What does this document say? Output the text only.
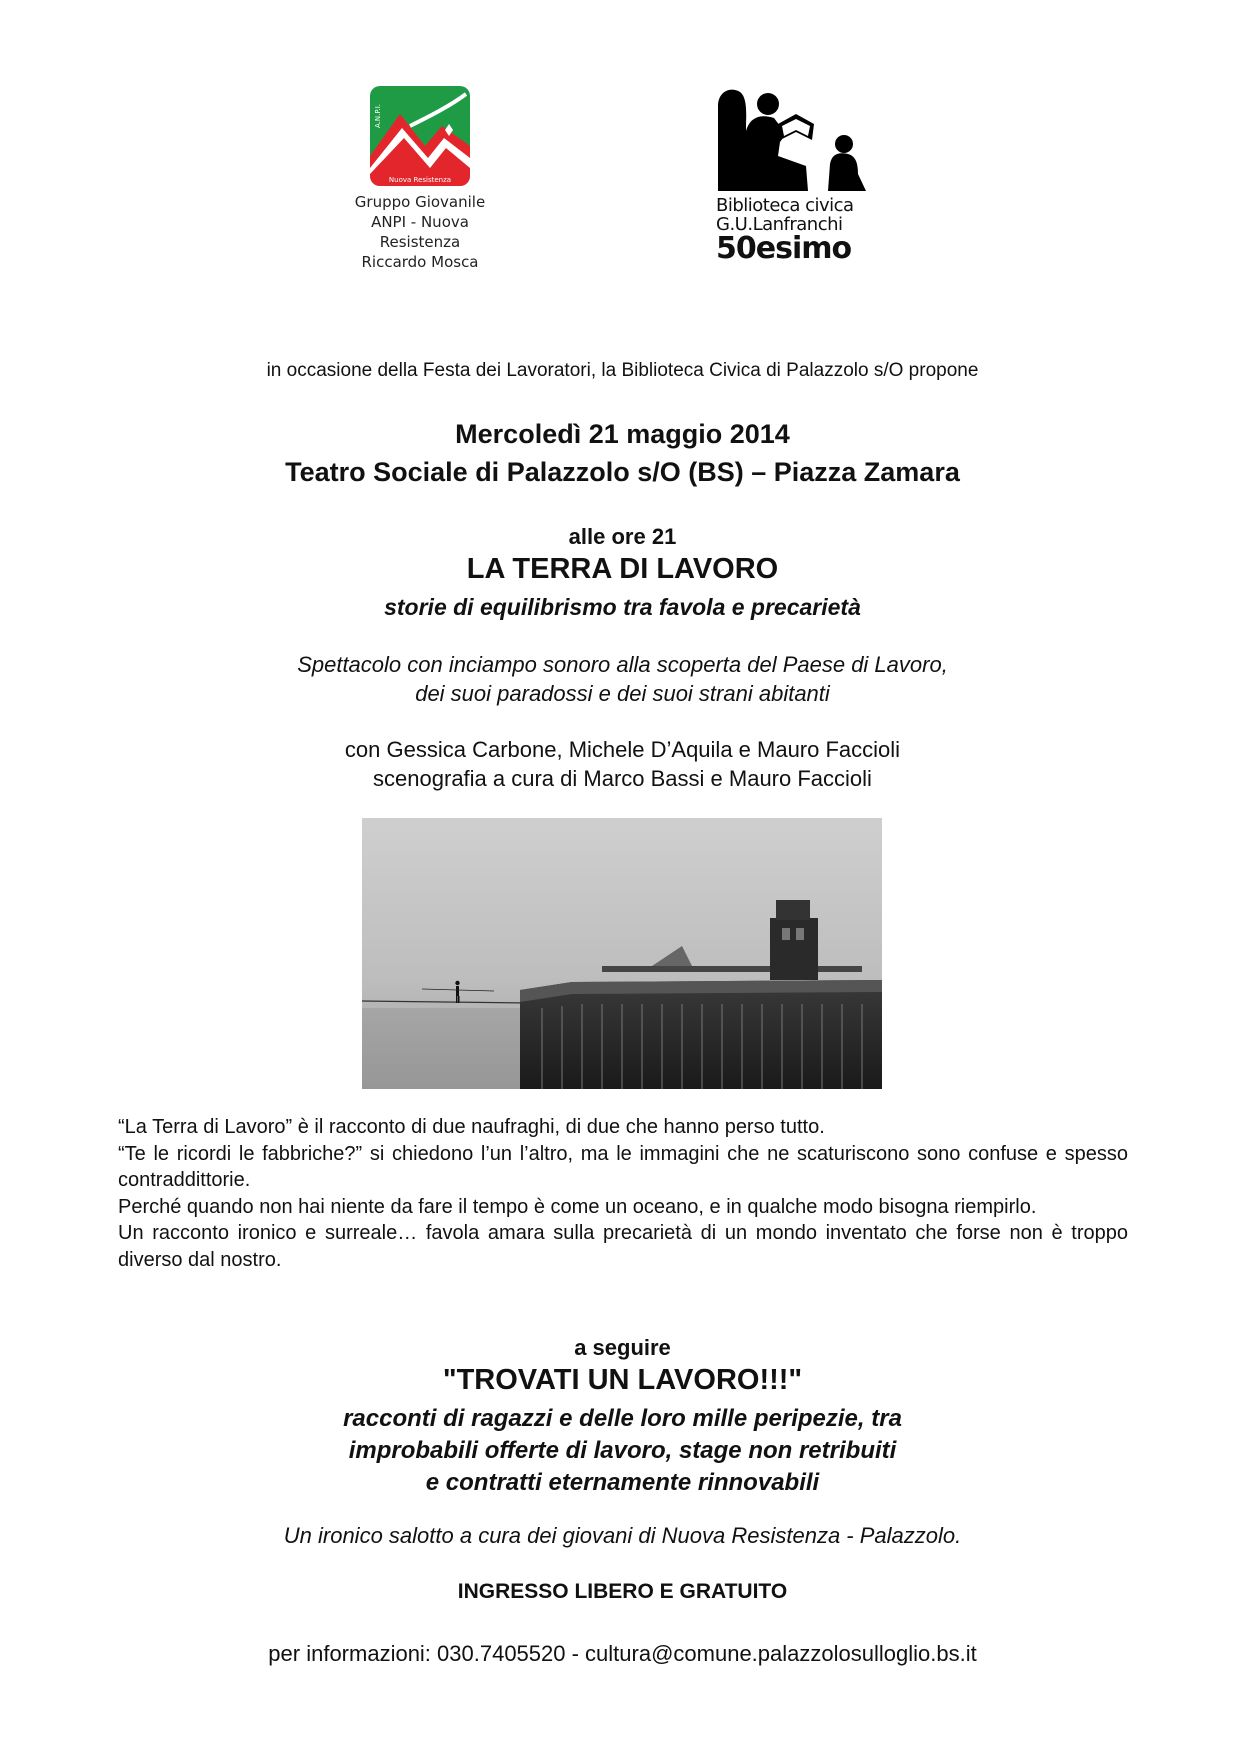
A.N.P.I.
Nuova Resistenza
Gruppo Giovanile
ANPI - Nuova Resistenza
Riccardo Mosca
Biblioteca civica
G.U.Lanfranchi
50esimo
in occasione della Festa dei Lavoratori, la Biblioteca Civica di Palazzolo s/O propone
Mercoledì 21 maggio 2014
Teatro Sociale di Palazzolo s/O (BS) – Piazza Zamara
alle ore 21
LA TERRA DI LAVORO
storie di equilibrismo tra favola e precarietà
Spettacolo con inciampo sonoro alla scoperta del Paese di Lavoro,
dei suoi paradossi e dei suoi strani abitanti
con Gessica Carbone, Michele D’Aquila e Mauro Faccioli
scenografia a cura di Marco Bassi e Mauro Faccioli

“La Terra di Lavoro” è il racconto di due naufraghi, di due che hanno perso tutto.

“Te le ricordi le fabbriche?” si chiedono l’un l’altro, ma le immagini che ne scaturiscono sono confuse e spesso contraddittorie.

Perché quando non hai niente da fare il tempo è come un oceano, e in qualche modo bisogna riempirlo.

Un racconto ironico e surreale… favola amara sulla precarietà di un mondo inventato che forse non è troppo diverso dal nostro.

a seguire
"TROVATI UN LAVORO!!!"
racconti di ragazzi e delle loro mille peripezie, tra
improbabili offerte di lavoro, stage non retribuiti
e contratti eternamente rinnovabili
Un ironico salotto a cura dei giovani di Nuova Resistenza - Palazzolo.
INGRESSO LIBERO E GRATUITO
per informazioni: 030.7405520 - cultura@comune.palazzolosulloglio.bs.it
